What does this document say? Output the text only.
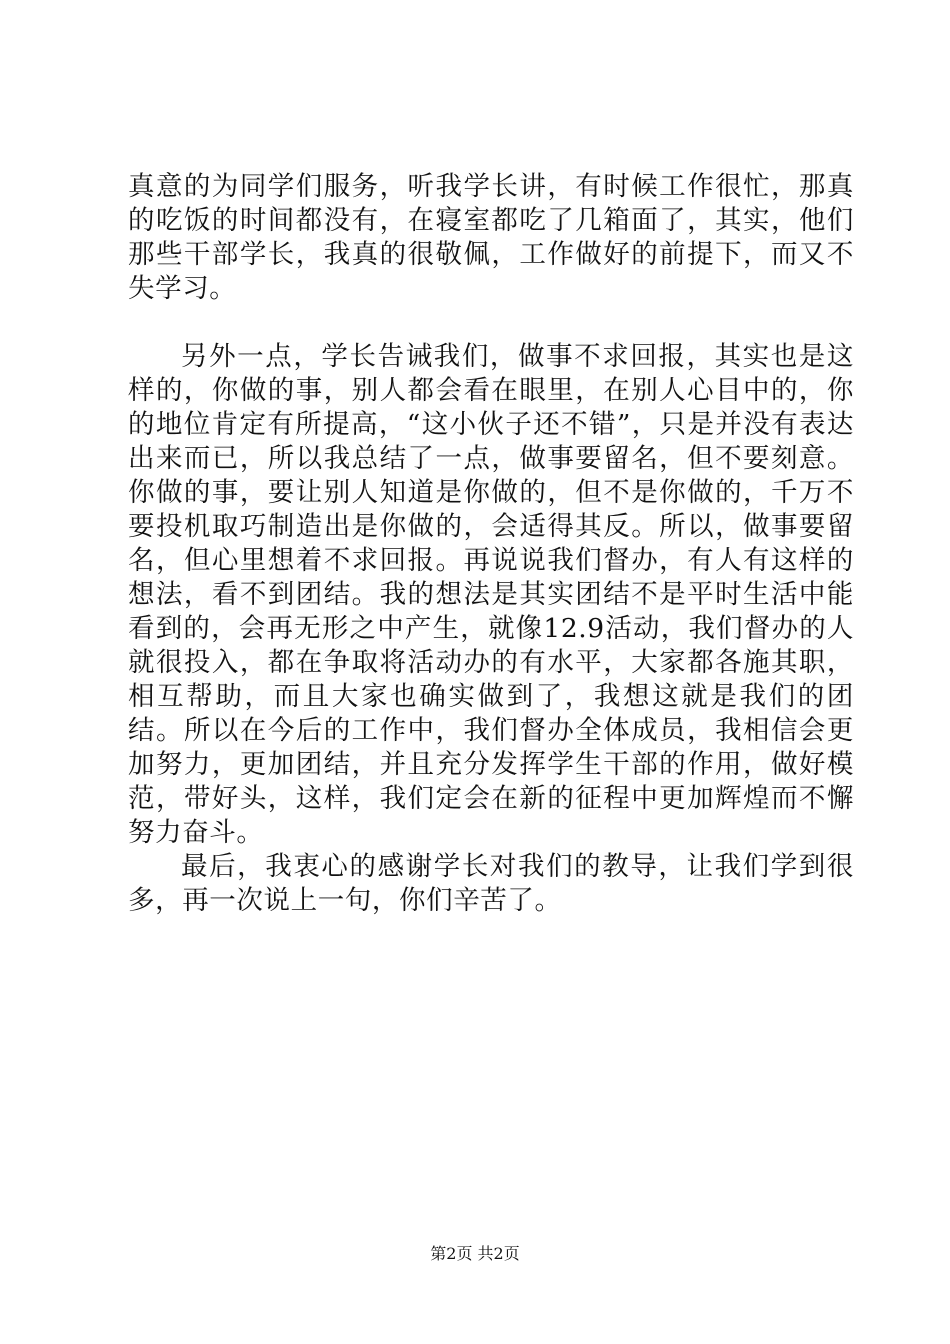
真意的为同学们服务，听我学长讲，有时候工作很忙，那真的吃饭的时间都没有，在寝室都吃了几箱面了，其实，他们那些干部学长，我真的很敬佩，工作做好的前提下，而又不失学习。

另外一点，学长告诫我们，做事不求回报，其实也是这样的，你做的事，别人都会看在眼里，在别人心目中的，你的地位肯定有所提高，“这小伙子还不错”，只是并没有表达出来而已，所以我总结了一点，做事要留名，但不要刻意。你做的事，要让别人知道是你做的，但不是你做的，千万不要投机取巧制造出是你做的，会适得其反。所以，做事要留名，但心里想着不求回报。再说说我们督办，有人有这样的想法，看不到团结。我的想法是其实团结不是平时生活中能看到的，会再无形之中产生，就像12.9活动，我们督办的人就很投入，都在争取将活动办的有水平，大家都各施其职，相互帮助，而且大家也确实做到了，我想这就是我们的团结。所以在今后的工作中，我们督办全体成员，我相信会更加努力，更加团结，并且充分发挥学生干部的作用，做好模范，带好头，这样，我们定会在新的征程中更加辉煌而不懈努力奋斗。

最后，我衷心的感谢学长对我们的教导，让我们学到很多，再一次说上一句，你们辛苦了。

第2页 共2页
